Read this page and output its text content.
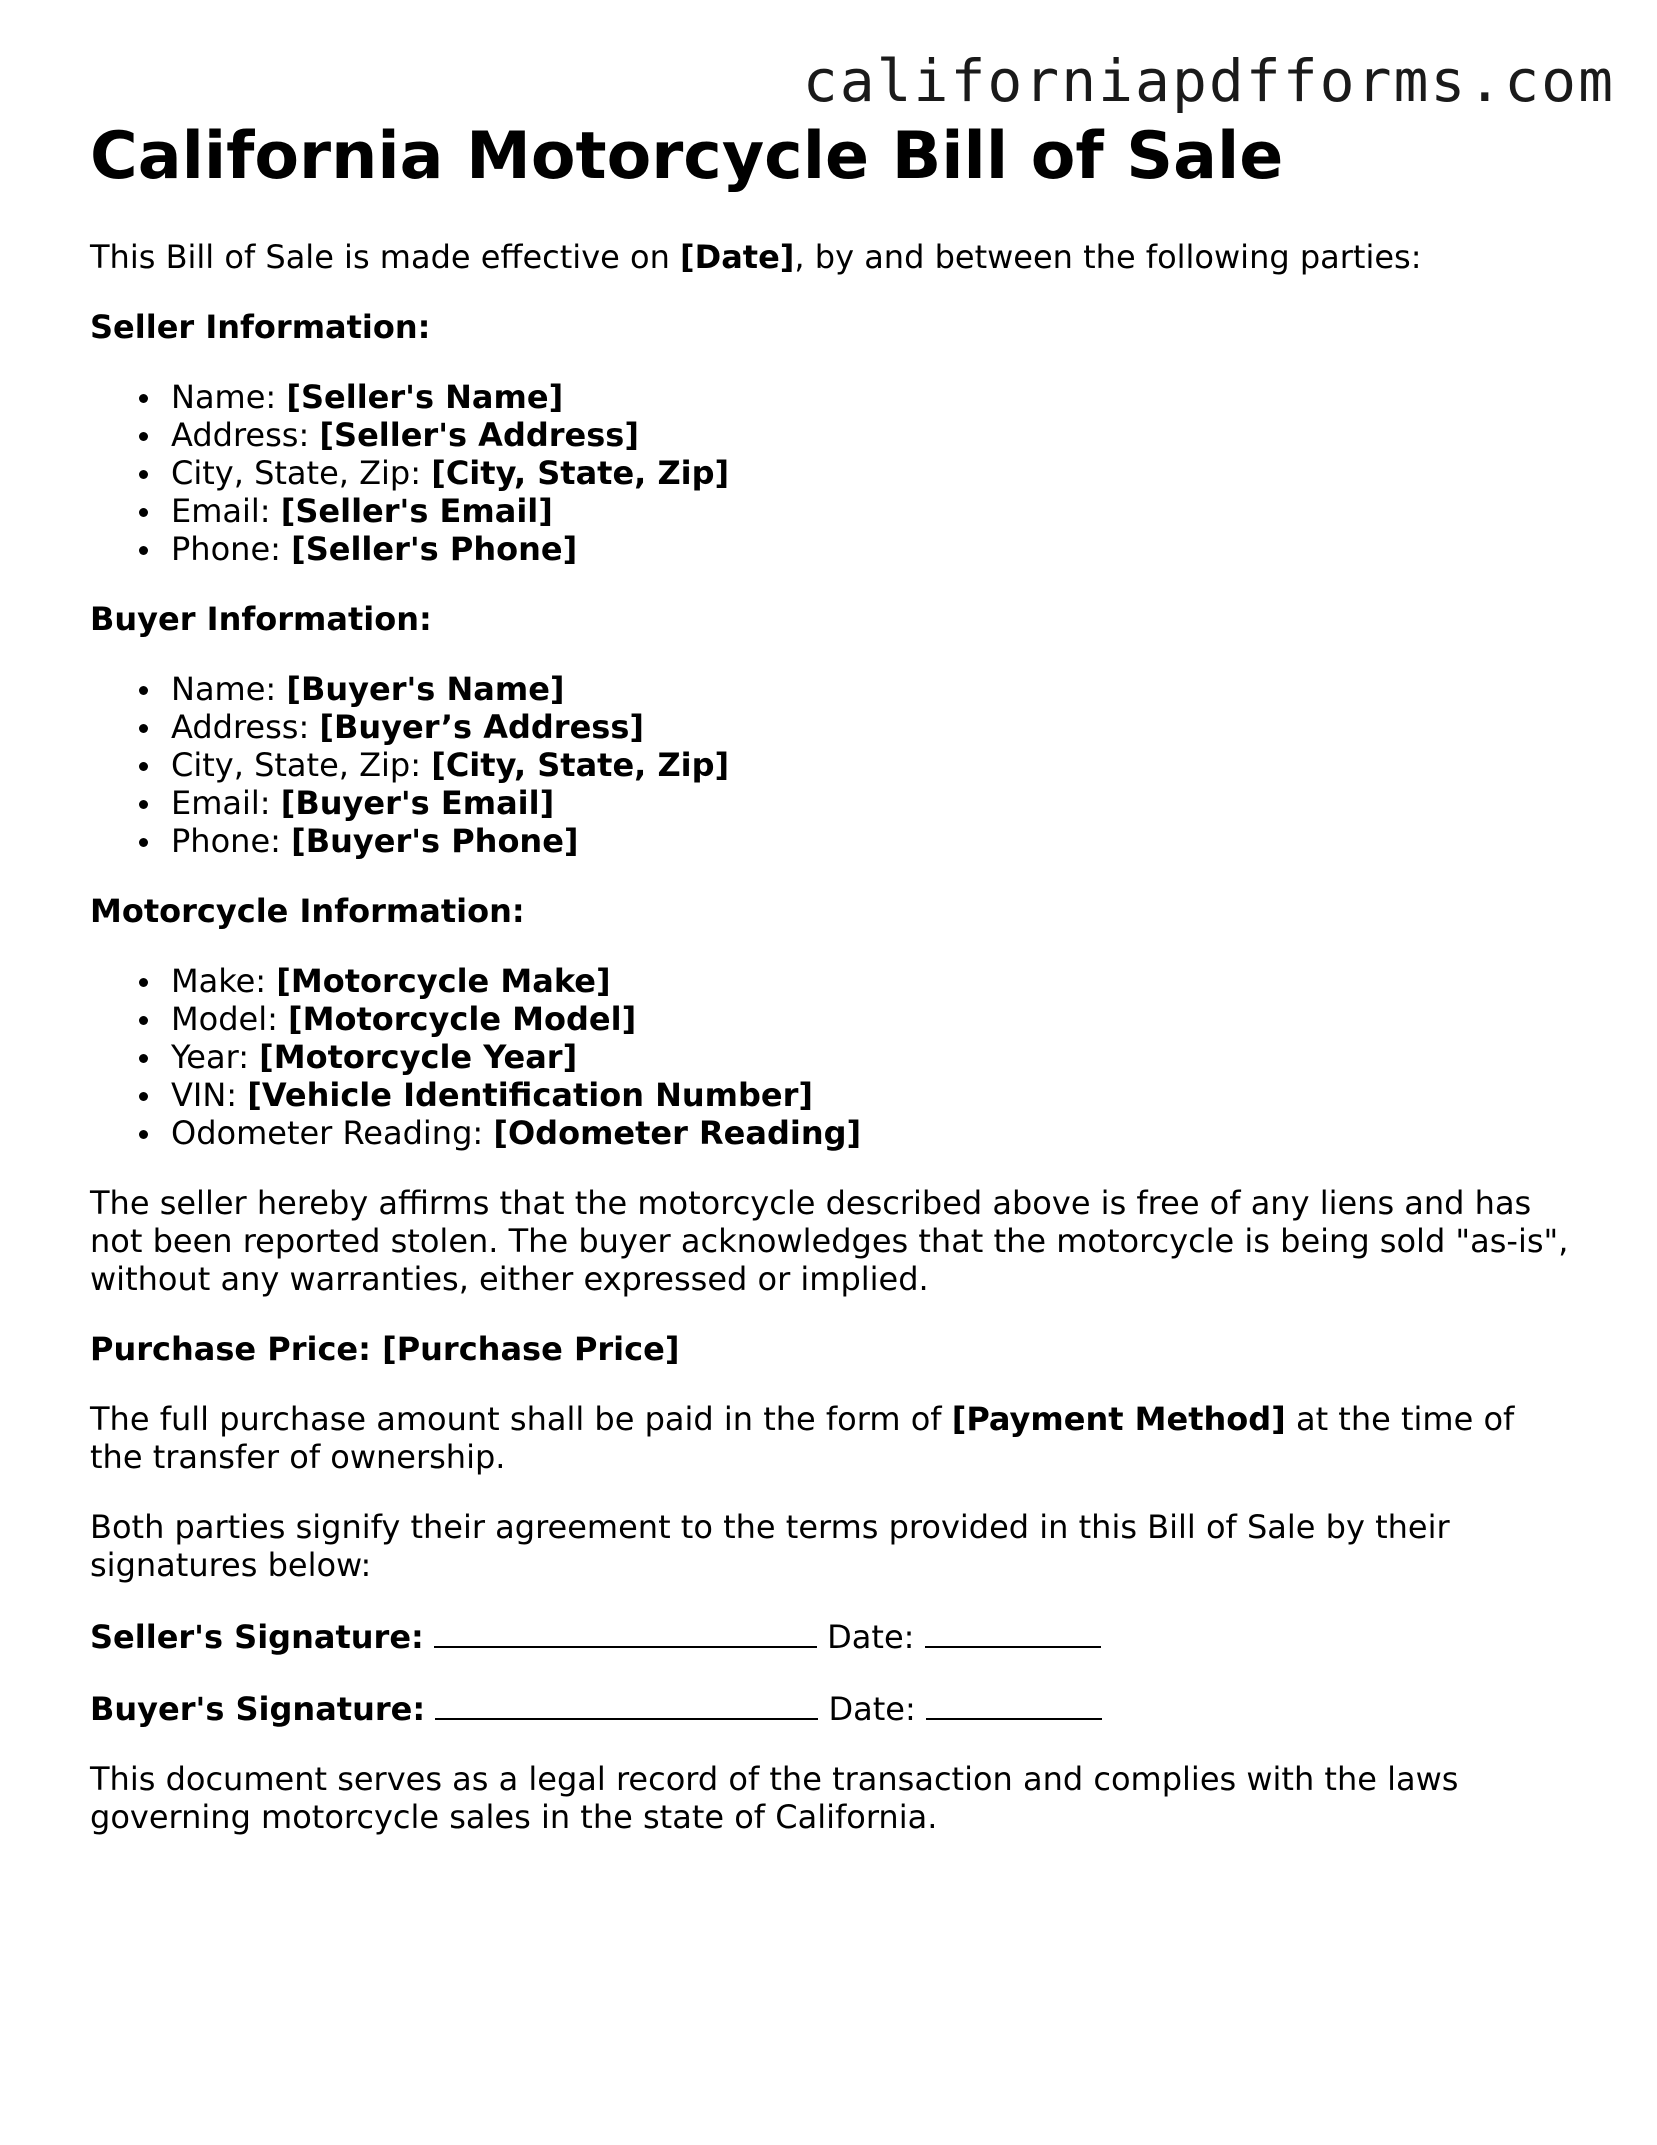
californiapdfforms.com
California Motorcycle Bill of Sale

This Bill of Sale is made effective on [Date], by and between the following parties:

Seller Information:

Name: [Seller's Name]
Address: [Seller's Address]
City, State, Zip: [City, State, Zip]
Email: [Seller's Email]
Phone: [Seller's Phone]

Buyer Information:

Name: [Buyer's Name]
Address: [Buyer’s Address]
City, State, Zip: [City, State, Zip]
Email: [Buyer's Email]
Phone: [Buyer's Phone]

Motorcycle Information:

Make: [Motorcycle Make]
Model: [Motorcycle Model]
Year: [Motorcycle Year]
VIN: [Vehicle Identification Number]
Odometer Reading: [Odometer Reading]

The seller hereby affirms that the motorcycle described above is free of any liens and has not been reported stolen. The buyer acknowledges that the motorcycle is being sold "as-is", without any warranties, either expressed or implied.

Purchase Price: [Purchase Price]

The full purchase amount shall be paid in the form of [Payment Method] at the time of the transfer of ownership.

Both parties signify their agreement to the terms provided in this Bill of Sale by their signatures below:

Seller's Signature:	Date:

Buyer's Signature:	Date:

This document serves as a legal record of the transaction and complies with the laws governing motorcycle sales in the state of California.
